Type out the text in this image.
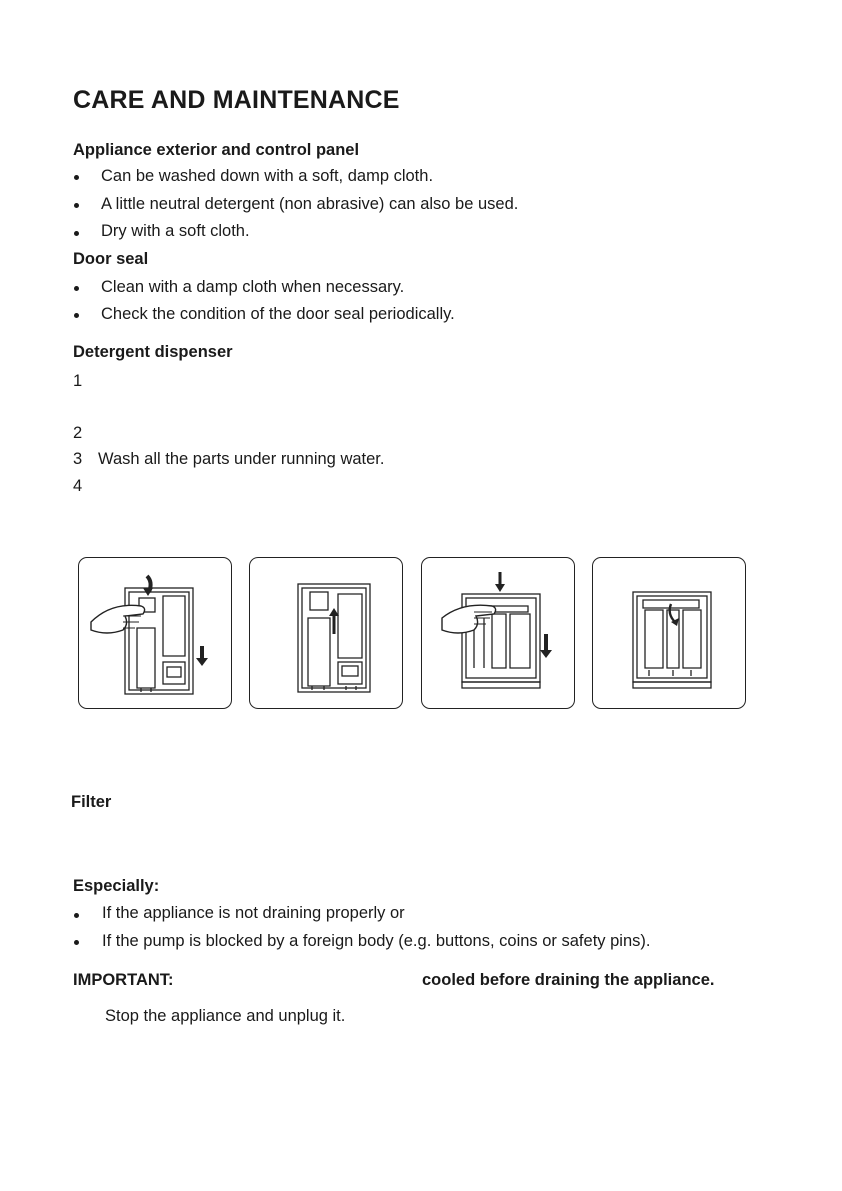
CARE AND MAINTENANCE
Appliance exterior and control panel
Can be washed down with a soft, damp cloth.
A little neutral detergent (non abrasive) can also be used.
Dry with a soft cloth.
Door seal
Clean with a damp cloth when necessary.
Check the condition of the door seal periodically.
Detergent dispenser
1
2
3 Wash all the parts under running water.
4
Filter
Especially:
If the appliance is not draining properly or
If the pump is blocked by a foreign body (e.g. buttons, coins or safety pins).
IMPORTANT:	cooled before draining the appliance.
Stop the appliance and unplug it.
